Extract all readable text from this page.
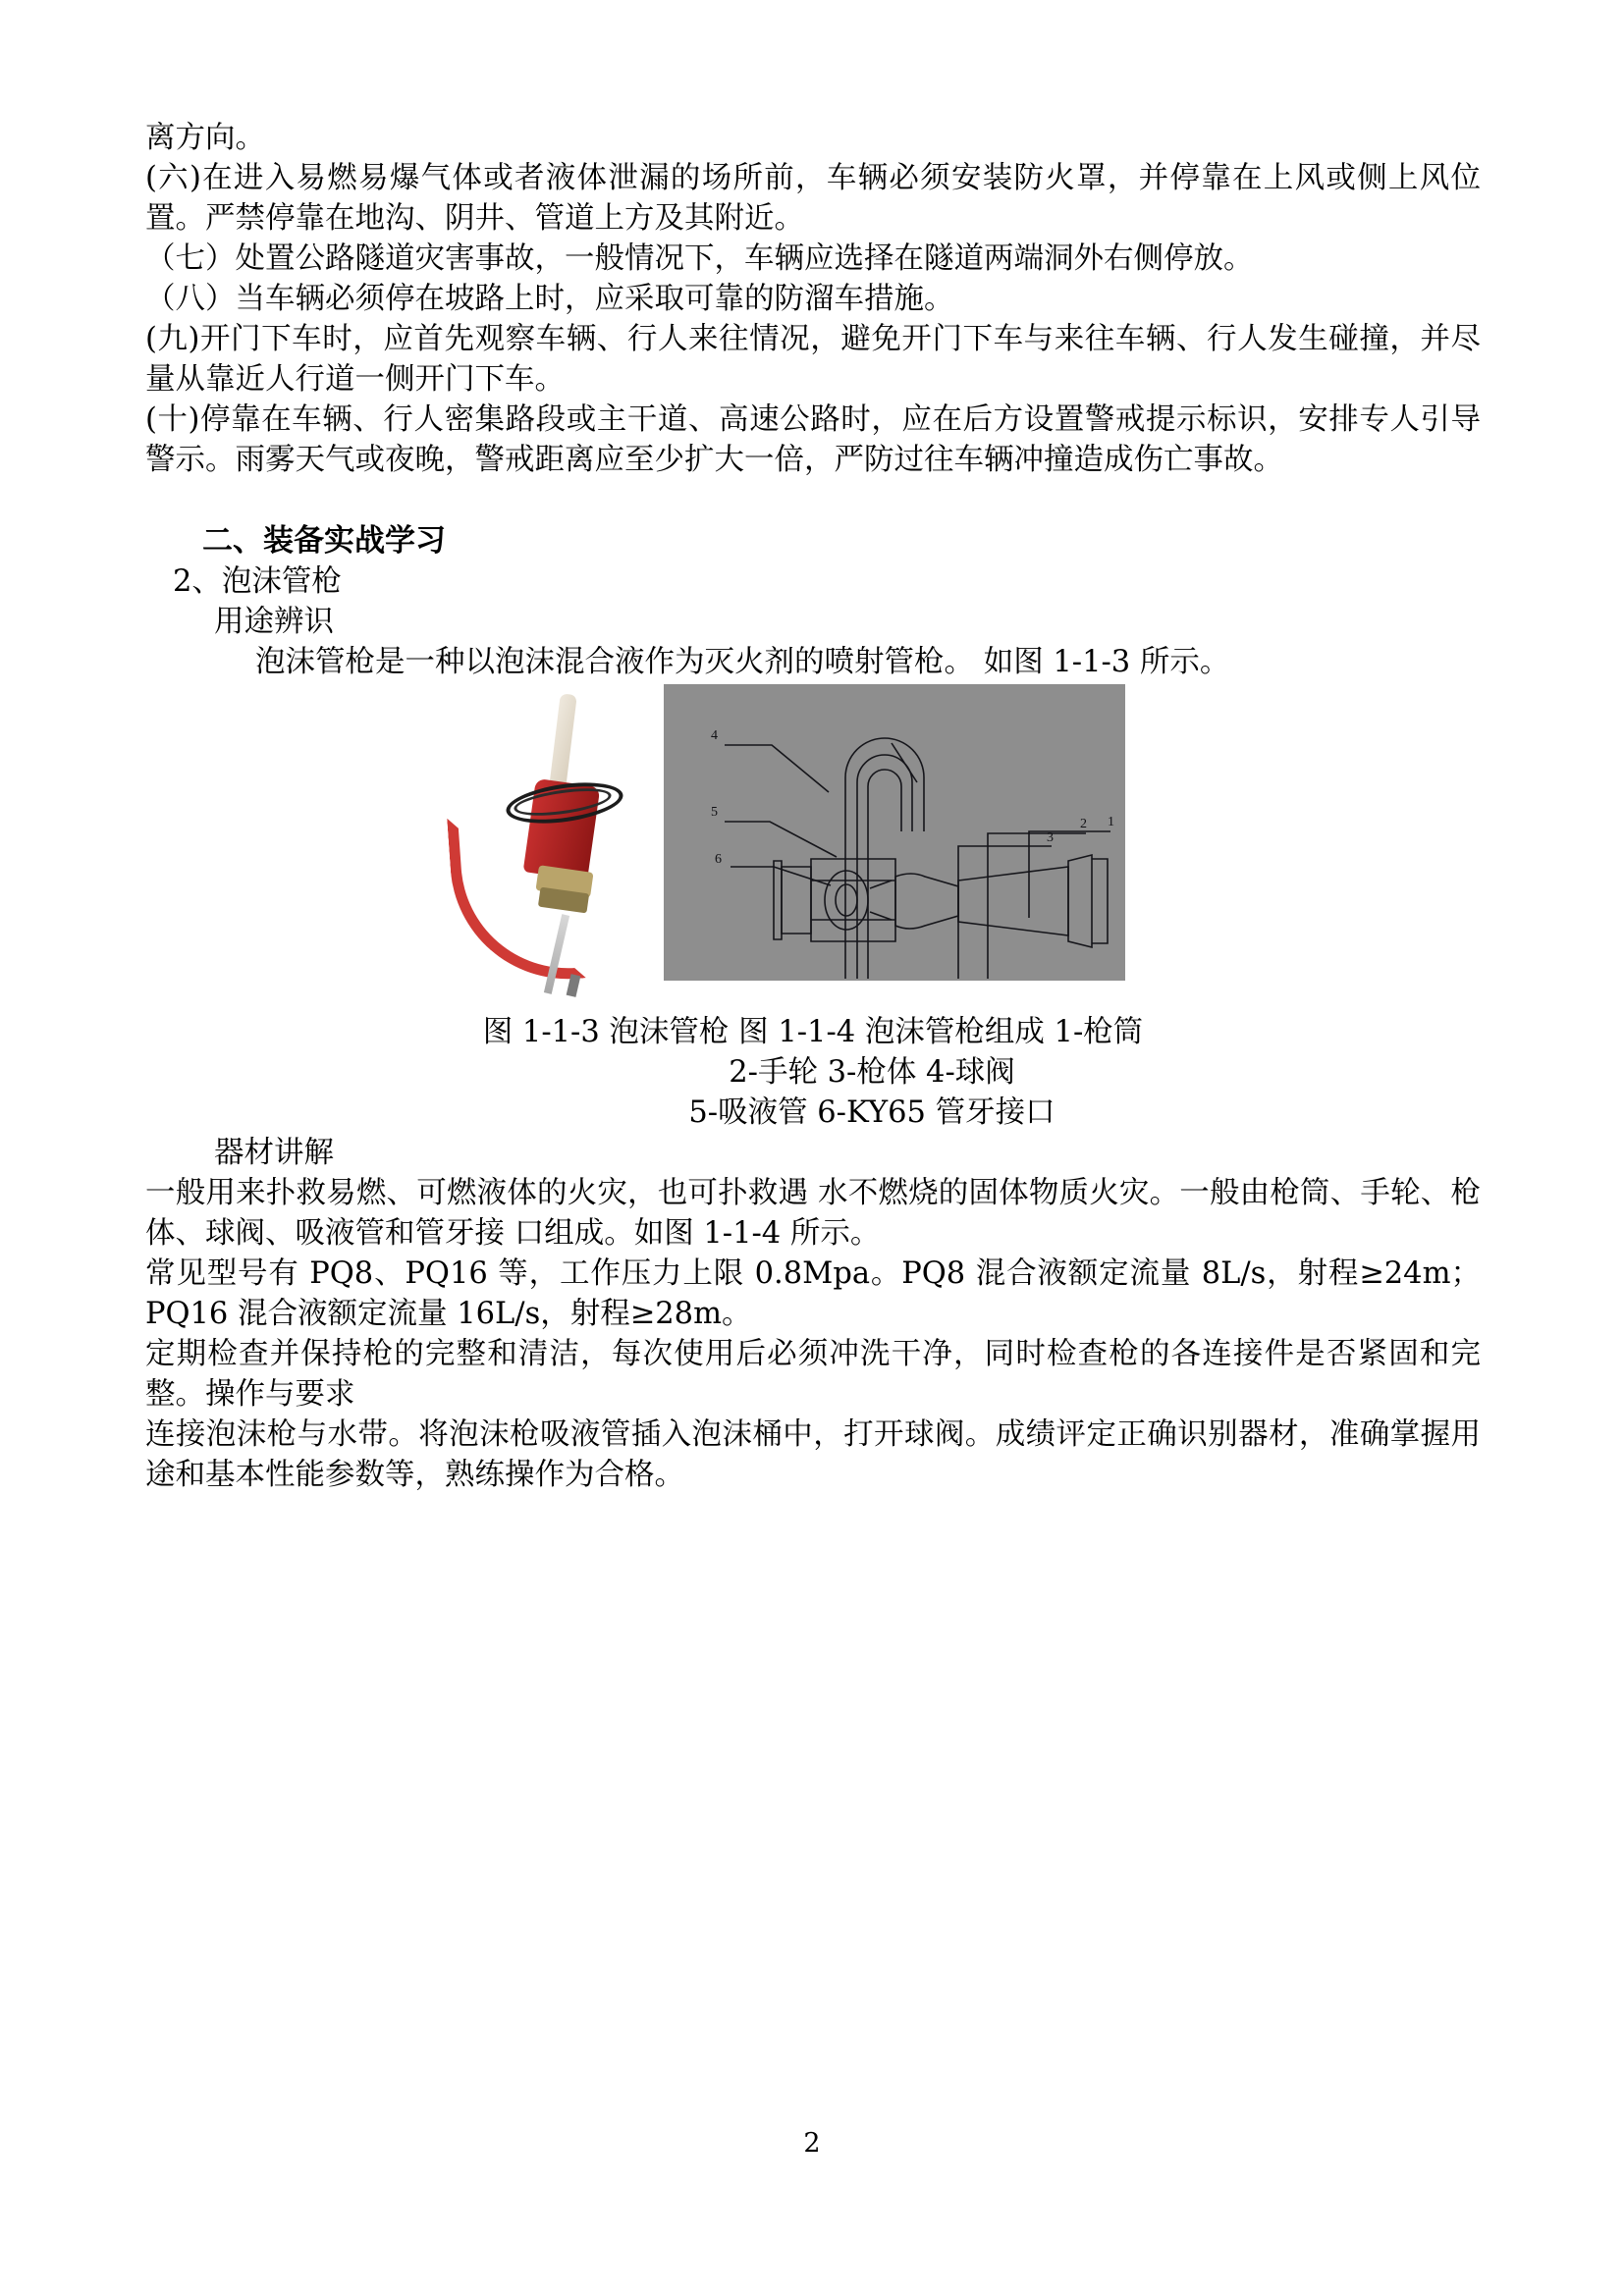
离方向。

(六)在进入易燃易爆气体或者液体泄漏的场所前，车辆必须安装防火罩，并停靠在上风或侧上风位置。严禁停靠在地沟、阴井、管道上方及其附近。

（七）处置公路隧道灾害事故，一般情况下，车辆应选择在隧道两端洞外右侧停放。

（八）当车辆必须停在坡路上时，应采取可靠的防溜车措施。

(九)开门下车时，应首先观察车辆、行人来往情况，避免开门下车与来往车辆、行人发生碰撞，并尽量从靠近人行道一侧开门下车。

(十)停靠在车辆、行人密集路段或主干道、高速公路时，应在后方设置警戒提示标识，安排专人引导警示。雨雾天气或夜晚，警戒距离应至少扩大一倍，严防过往车辆冲撞造成伤亡事故。

二、装备实战学习

2、泡沫管枪

用途辨识

泡沫管枪是一种以泡沫混合液作为灭火剂的喷射管枪。 如图 1-1-3 所示。

4
5
6
3
2 1

图 1-1-3 泡沫管枪 图 1-1-4 泡沫管枪组成 1-枪筒

2-手轮 3-枪体 4-球阀

5-吸液管 6-KY65 管牙接口

器材讲解

一般用来扑救易燃、可燃液体的火灾，也可扑救遇 水不燃烧的固体物质火灾。一般由枪筒、手轮、枪体、球阀、吸液管和管牙接 口组成。如图 1-1-4 所示。

常见型号有 PQ8、PQ16 等，工作压力上限 0.8Mpa。PQ8 混合液额定流量 8L/s，射程≥24m；PQ16 混合液额定流量 16L/s，射程≥28m。

定期检查并保持枪的完整和清洁，每次使用后必须冲洗干净，同时检查枪的各连接件是否紧固和完整。操作与要求

连接泡沫枪与水带。将泡沫枪吸液管插入泡沫桶中，打开球阀。成绩评定正确识别器材，准确掌握用途和基本性能参数等，熟练操作为合格。

2
